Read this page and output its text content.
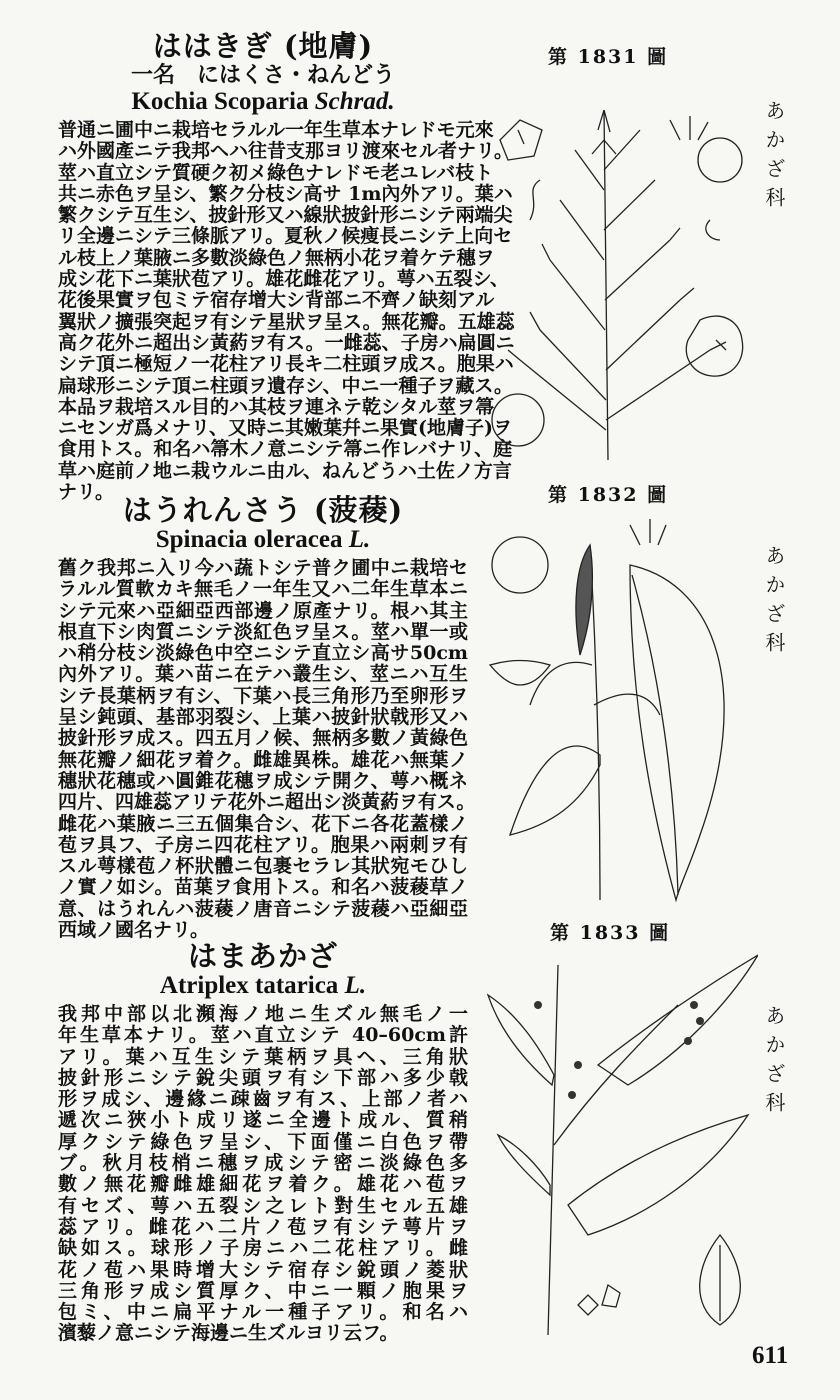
ははきぎ (地膚)
一名　にはくさ・ねんどう
Kochia Scoparia Schrad.
普通ニ圃中ニ栽培セラルル一年生草本ナレドモ元來
ハ外國產ニテ我邦ヘハ往昔支那ヨリ渡來セル者ナリ。
莖ハ直立シテ質硬ク初メ綠色ナレドモ老ユレバ枝ト
共ニ赤色ヲ呈シ、繁ク分枝シ高サ 1m內外アリ。葉ハ
繁クシテ互生シ、披針形又ハ線狀披針形ニシテ兩端尖
リ全邊ニシテ三條脈アリ。夏秋ノ候痩長ニシテ上向セ
ル枝上ノ葉腋ニ多數淡綠色ノ無柄小花ヲ着ケテ穗ヲ
成シ花下ニ葉狀苞アリ。雄花雌花アリ。萼ハ五裂シ、
花後果實ヲ包ミテ宿存增大シ背部ニ不齊ノ缺刻アル
翼狀ノ擴張突起ヲ有シテ星狀ヲ呈ス。無花瓣。五雄蕊
高ク花外ニ超出シ黃葯ヲ有ス。一雌蕊、子房ハ扁圓ニ
シテ頂ニ極短ノ一花柱アリ長キ二柱頭ヲ成ス。胞果ハ
扁球形ニシテ頂ニ柱頭ヲ遺存シ、中ニ一種子ヲ藏ス。
本品ヲ栽培スル目的ハ其枝ヲ連ネテ乾シタル莖ヲ箒
ニセンガ爲メナリ、又時ニ其嫩葉幷ニ果實(地膚子)ヲ
食用トス。和名ハ箒木ノ意ニシテ箒ニ作レバナリ、庭
草ハ庭前ノ地ニ栽ウルニ由ル、ねんどうハ土佐ノ方言
ナリ。
はうれんさう (菠薐)
Spinacia oleracea L.
舊ク我邦ニ入リ今ハ蔬トシテ普ク圃中ニ栽培セ
ラルル質軟カキ無毛ノ一年生又ハ二年生草本ニ
シテ元來ハ亞細亞西部邊ノ原產ナリ。根ハ其主
根直下シ肉質ニシテ淡紅色ヲ呈ス。莖ハ單一或
ハ稍分枝シ淡綠色中空ニシテ直立シ高サ50cm
內外アリ。葉ハ苗ニ在テハ叢生シ、莖ニハ互生
シテ長葉柄ヲ有シ、下葉ハ長三角形乃至卵形ヲ
呈シ鈍頭、基部羽裂シ、上葉ハ披針狀戟形又ハ
披針形ヲ成ス。四五月ノ候、無柄多數ノ黃綠色
無花瓣ノ細花ヲ着ク。雌雄異株。雄花ハ無葉ノ
穗狀花穗或ハ圓錐花穗ヲ成シテ開ク、萼ハ概ネ
四片、四雄蕊アリテ花外ニ超出シ淡黃葯ヲ有ス。
雌花ハ葉腋ニ三五個集合シ、花下ニ各花蓋樣ノ
苞ヲ具フ、子房ニ四花柱アリ。胞果ハ兩刺ヲ有
スル萼樣苞ノ杯狀體ニ包裹セラレ其狀宛モひし
ノ實ノ如シ。苗葉ヲ食用トス。和名ハ菠薐草ノ
意、はうれんハ菠薐ノ唐音ニシテ菠薐ハ亞細亞
西域ノ國名ナリ。
はまあかざ
Atriplex tatarica L.
我邦中部以北瀕海ノ地ニ生ズル無毛ノ一
年生草本ナリ。莖ハ直立シテ 40–60cm許
アリ。葉ハ互生シテ葉柄ヲ具ヘ、三角狀
披針形ニシテ銳尖頭ヲ有シ下部ハ多少戟
形ヲ成シ、邊緣ニ疎齒ヲ有ス、上部ノ者ハ
遞次ニ狹小ト成リ遂ニ全邊ト成ル、質稍
厚クシテ綠色ヲ呈シ、下面僅ニ白色ヲ帶
ブ。秋月枝梢ニ穗ヲ成シテ密ニ淡綠色多
數ノ無花瓣雌雄細花ヲ着ク。雄花ハ苞ヲ
有セズ、萼ハ五裂シ之レト對生セル五雄
蕊アリ。雌花ハ二片ノ苞ヲ有シテ萼片ヲ
缺如ス。球形ノ子房ニハ二花柱アリ。雌
花ノ苞ハ果時增大シテ宿存シ銳頭ノ菱狀
三角形ヲ成シ質厚ク、中ニ一顆ノ胞果ヲ
包ミ、中ニ扁平ナル一種子アリ。和名ハ
濱藜ノ意ニシテ海邊ニ生ズルヨリ云フ。
第 1831 圖
第 1832 圖
第 1833 圖
あかざ科
あかざ科
あかざ科
611
